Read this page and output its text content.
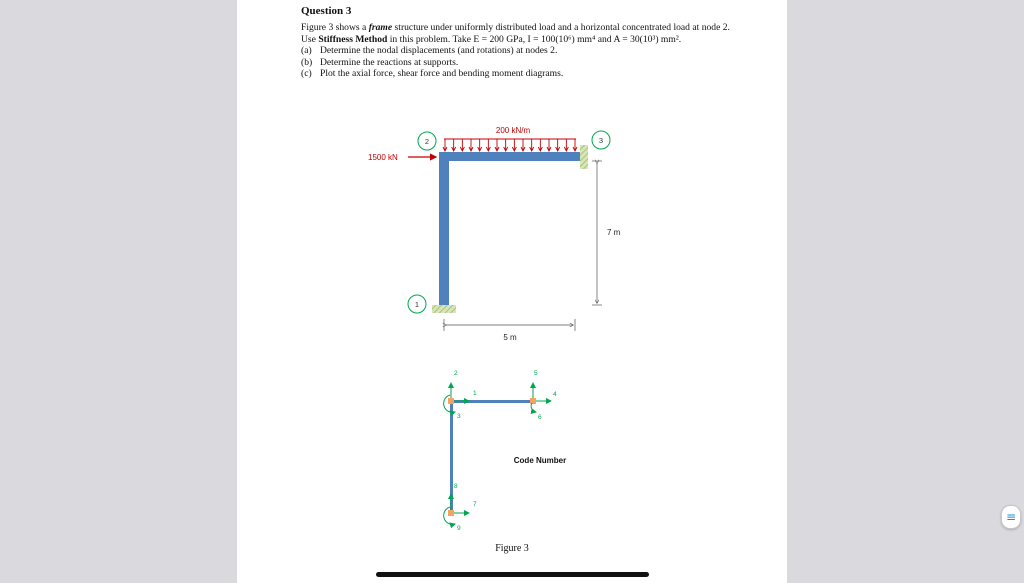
Question 3

Figure 3 shows a frame structure under uniformly distributed load and a horizontal concentrated load at node 2. Use Stiffness Method in this problem. Take E = 200 GPa, I = 100(10⁶) mm⁴ and A = 30(10³) mm².

(a) Determine the nodal displacements (and rotations) at nodes 2.
(b) Determine the reactions at supports.
(c) Plot the axial force, shear force and bending moment diagrams.
200 kN/m
1500 kN
1
2	3
7 m
5 m
2
1
3
5
4
6
8
7
9
Code Number
Figure 3
≡
